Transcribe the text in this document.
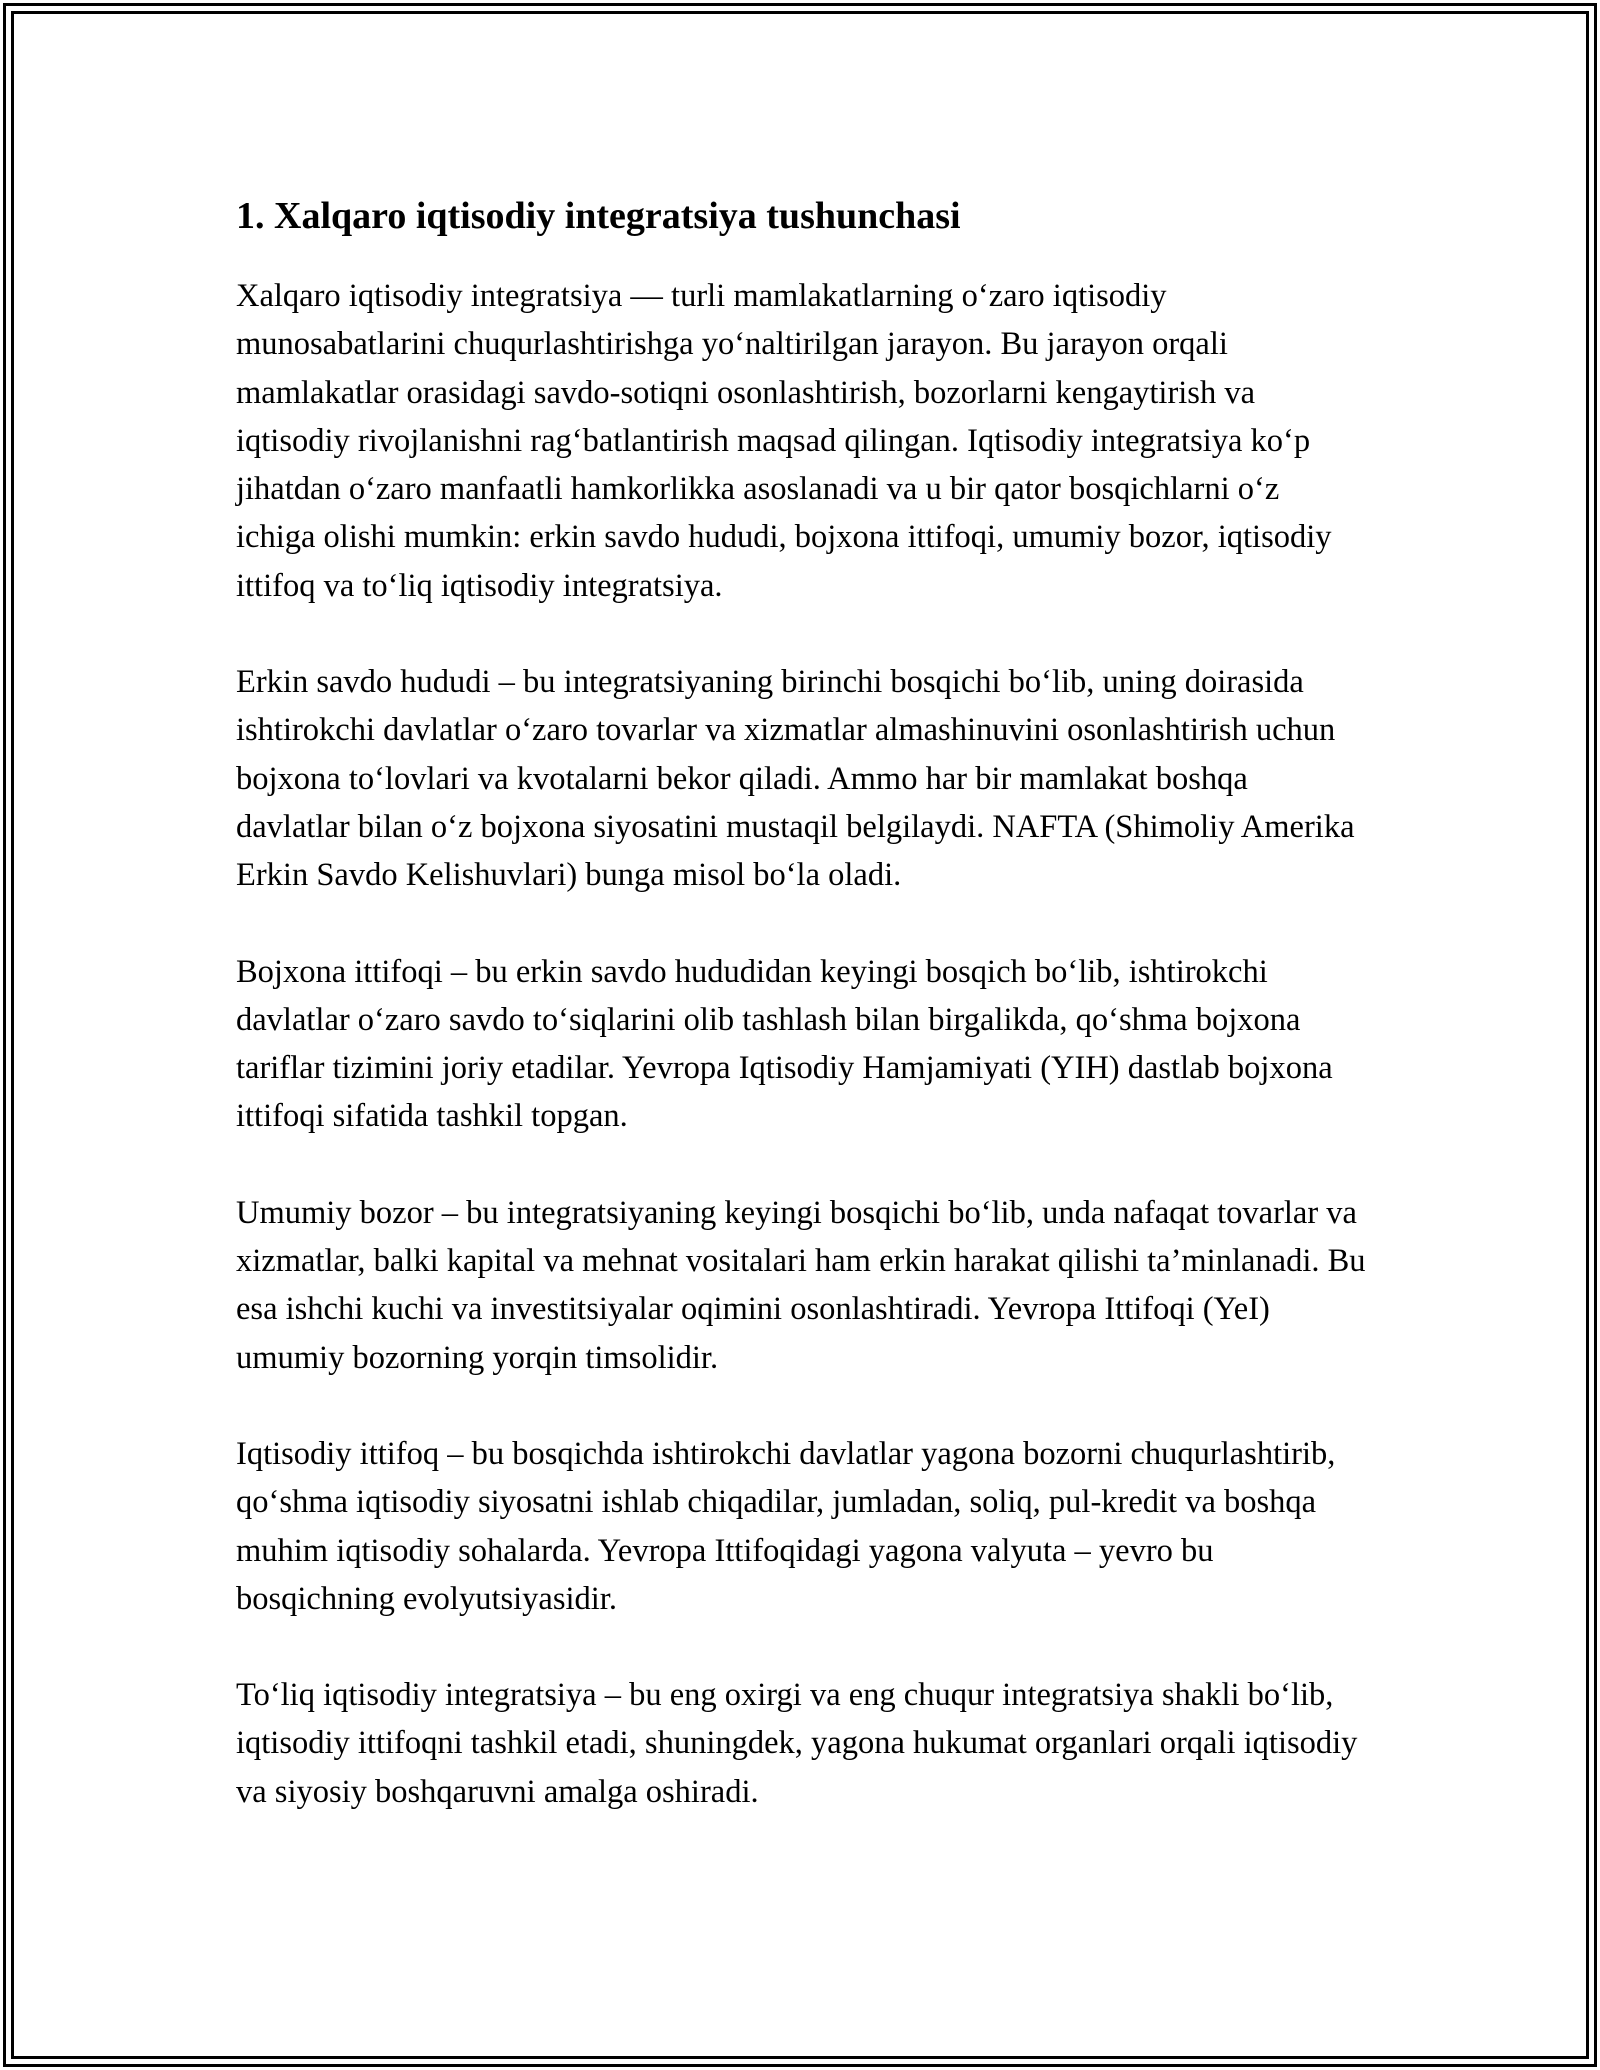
1. Xalqaro iqtisodiy integratsiya tushunchasi

Xalqaro iqtisodiy integratsiya — turli mamlakatlarning o‘zaro iqtisodiy munosabatlarini chuqurlashtirishga yo‘naltirilgan jarayon. Bu jarayon orqali mamlakatlar orasidagi savdo-sotiqni osonlashtirish, bozorlarni kengaytirish va iqtisodiy rivojlanishni rag‘batlantirish maqsad qilingan. Iqtisodiy integratsiya ko‘p jihatdan o‘zaro manfaatli hamkorlikka asoslanadi va u bir qator bosqichlarni o‘z ichiga olishi mumkin: erkin savdo hududi, bojxona ittifoqi, umumiy bozor, iqtisodiy ittifoq va to‘liq iqtisodiy integratsiya.

Erkin savdo hududi – bu integratsiyaning birinchi bosqichi bo‘lib, uning doirasida ishtirokchi davlatlar o‘zaro tovarlar va xizmatlar almashinuvini osonlashtirish uchun bojxona to‘lovlari va kvotalarni bekor qiladi. Ammo har bir mamlakat boshqa davlatlar bilan o‘z bojxona siyosatini mustaqil belgilaydi. NAFTA (Shimoliy Amerika Erkin Savdo Kelishuvlari) bunga misol bo‘la oladi.

Bojxona ittifoqi – bu erkin savdo hududidan keyingi bosqich bo‘lib, ishtirokchi davlatlar o‘zaro savdo to‘siqlarini olib tashlash bilan birgalikda, qo‘shma bojxona tariflar tizimini joriy etadilar. Yevropa Iqtisodiy Hamjamiyati (YIH) dastlab bojxona ittifoqi sifatida tashkil topgan.

Umumiy bozor – bu integratsiyaning keyingi bosqichi bo‘lib, unda nafaqat tovarlar va xizmatlar, balki kapital va mehnat vositalari ham erkin harakat qilishi ta’minlanadi. Bu esa ishchi kuchi va investitsiyalar oqimini osonlashtiradi. Yevropa Ittifoqi (YeI) umumiy bozorning yorqin timsolidir.

Iqtisodiy ittifoq – bu bosqichda ishtirokchi davlatlar yagona bozorni chuqurlashtirib, qo‘shma iqtisodiy siyosatni ishlab chiqadilar, jumladan, soliq, pul-kredit va boshqa muhim iqtisodiy sohalarda. Yevropa Ittifoqidagi yagona valyuta – yevro bu bosqichning evolyutsiyasidir.

To‘liq iqtisodiy integratsiya – bu eng oxirgi va eng chuqur integratsiya shakli bo‘lib, iqtisodiy ittifoqni tashkil etadi, shuningdek, yagona hukumat organlari orqali iqtisodiy va siyosiy boshqaruvni amalga oshiradi.
